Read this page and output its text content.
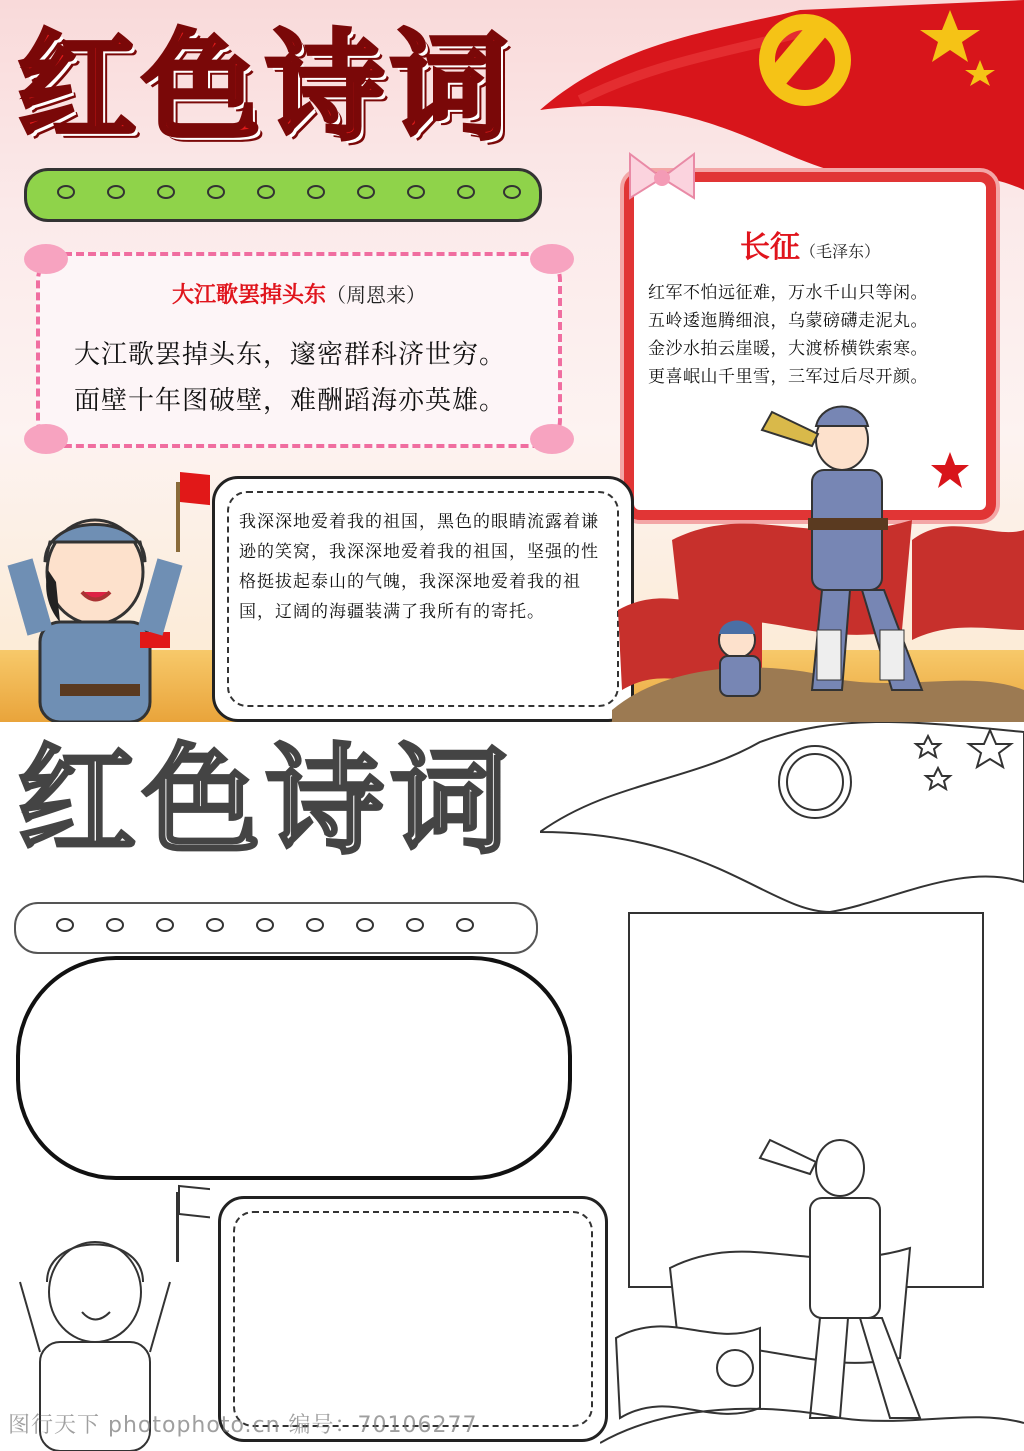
红色诗词
大江歌罢掉头东（周恩来）
大江歌罢掉头东，邃密群科济世穷。
面壁十年图破壁，难酬蹈海亦英雄。
长征（毛泽东）
红军不怕远征难，万水千山只等闲。
五岭逶迤腾细浪，乌蒙磅礴走泥丸。
金沙水拍云崖暖，大渡桥横铁索寒。
更喜岷山千里雪，三军过后尽开颜。
我深深地爱着我的祖国，黑色的眼睛流露着谦逊的笑窝，我深深地爱着我的祖国，坚强的性格挺拔起泰山的气魄，我深深地爱着我的祖国，辽阔的海疆装满了我所有的寄托。
红色诗词
图行天下 photophoto.cn 编号：70106277
